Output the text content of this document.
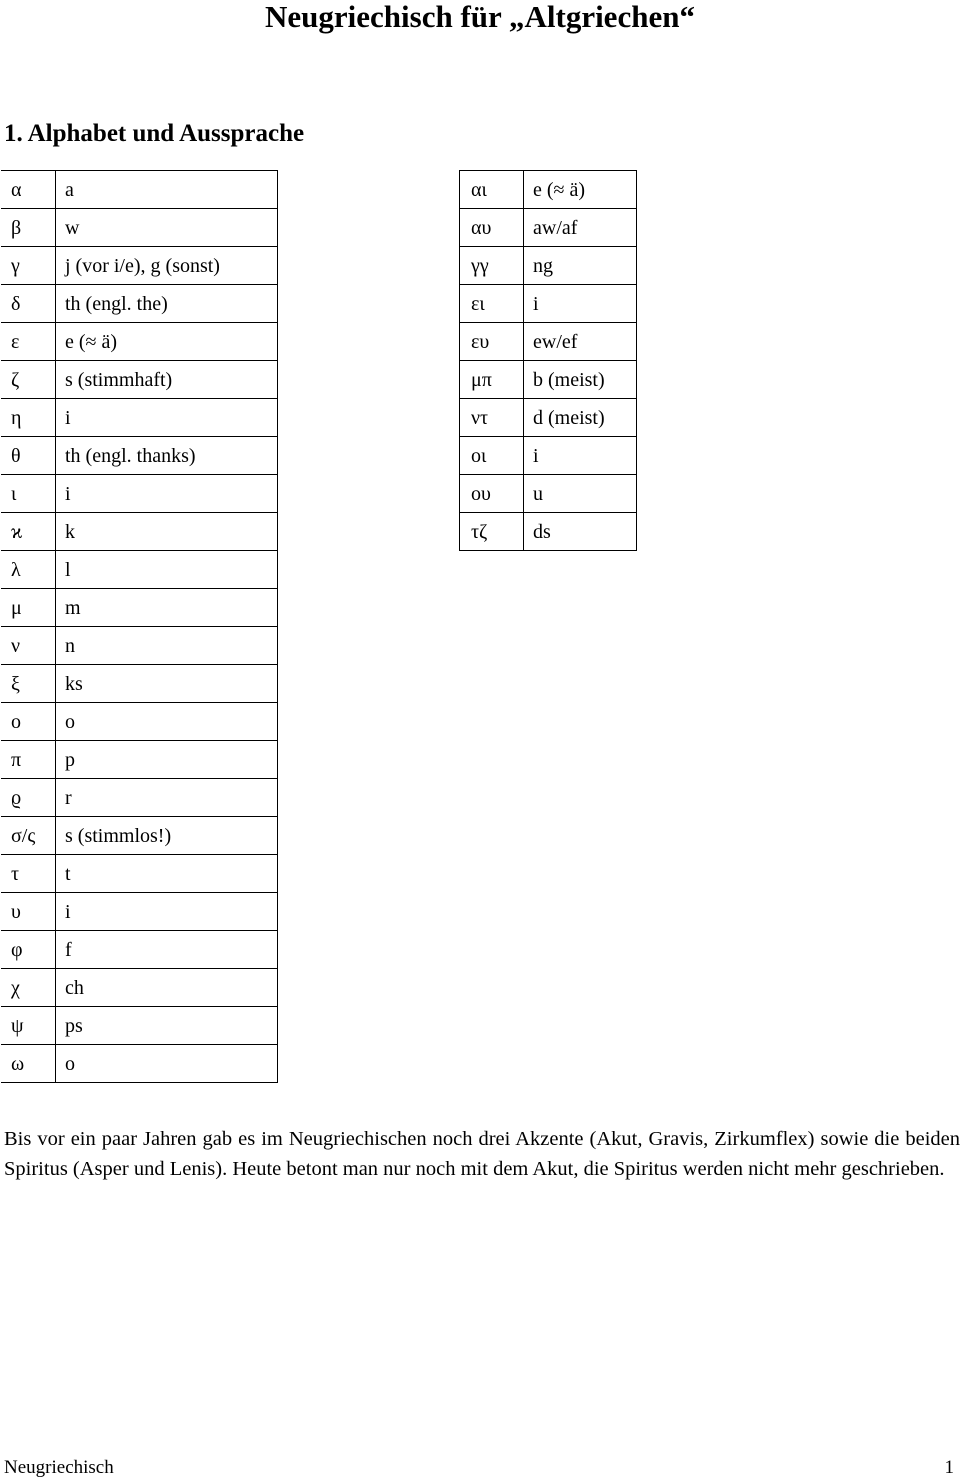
Neugriechisch für „Altgriechen“
1. Alphabet und Aussprache
α	a
β	w
γ	j (vor i/e), g (sonst)
δ	th (engl. the)
ε	e (≈ ä)
ζ	s (stimmhaft)
η	i
θ	th (engl. thanks)
ι	i
ϰ	k
λ	l
μ	m
ν	n
ξ	ks
ο	o
π	p
ϱ	r
σ/ς	s (stimmlos!)
τ	t
υ	i
φ	f
χ	ch
ψ	ps
ω	o
αι	e (≈ ä)
αυ	aw/af
γγ	ng
ει	i
ευ	ew/ef
μπ	b (meist)
ντ	d (meist)
οι	i
ου	u
τζ	ds

Bis vor ein paar Jahren gab es im Neugriechischen noch drei Akzente (Akut, Gravis, Zirkumflex) sowie die beiden Spiritus (Asper und Lenis). Heute betont man nur noch mit dem Akut, die Spiritus werden nicht mehr geschrieben.

Neugriechisch	1
